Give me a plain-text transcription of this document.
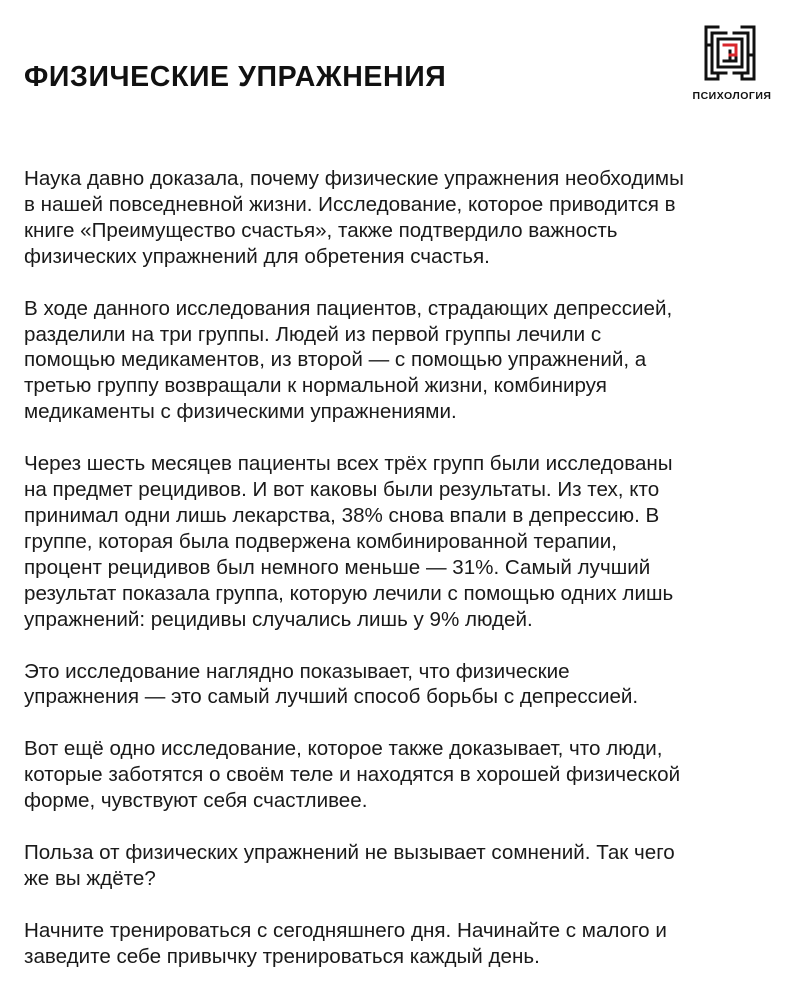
ФИЗИЧЕСКИЕ УПРАЖНЕНИЯ
ПСИХОЛОГИЯ

Наука давно доказала, почему физические упражнения необходимы
в нашей повседневной жизни. Исследование, которое приводится в
книге «Преимущество счастья», также подтвердило важность
физических упражнений для обретения счастья.

В ходе данного исследования пациентов, страдающих депрессией,
разделили на три группы. Людей из первой группы лечили с
помощью медикаментов, из второй — с помощью упражнений, а
третью группу возвращали к нормальной жизни, комбинируя
медикаменты с физическими упражнениями.

Через шесть месяцев пациенты всех трёх групп были исследованы
на предмет рецидивов. И вот каковы были результаты. Из тех, кто
принимал одни лишь лекарства, 38% снова впали в депрессию. В
группе, которая была подвержена комбинированной терапии,
процент рецидивов был немного меньше — 31%. Самый лучший
результат показала группа, которую лечили с помощью одних лишь
упражнений: рецидивы случались лишь у 9% людей.

Это исследование наглядно показывает, что физические
упражнения — это самый лучший способ борьбы с депрессией.

Вот ещё одно исследование, которое также доказывает, что люди,
которые заботятся о своём теле и находятся в хорошей физической
форме, чувствуют себя счастливее.

Польза от физических упражнений не вызывает сомнений. Так чего
же вы ждёте?

Начните тренироваться с сегодняшнего дня. Начинайте с малого и
заведите себе привычку тренироваться каждый день.
